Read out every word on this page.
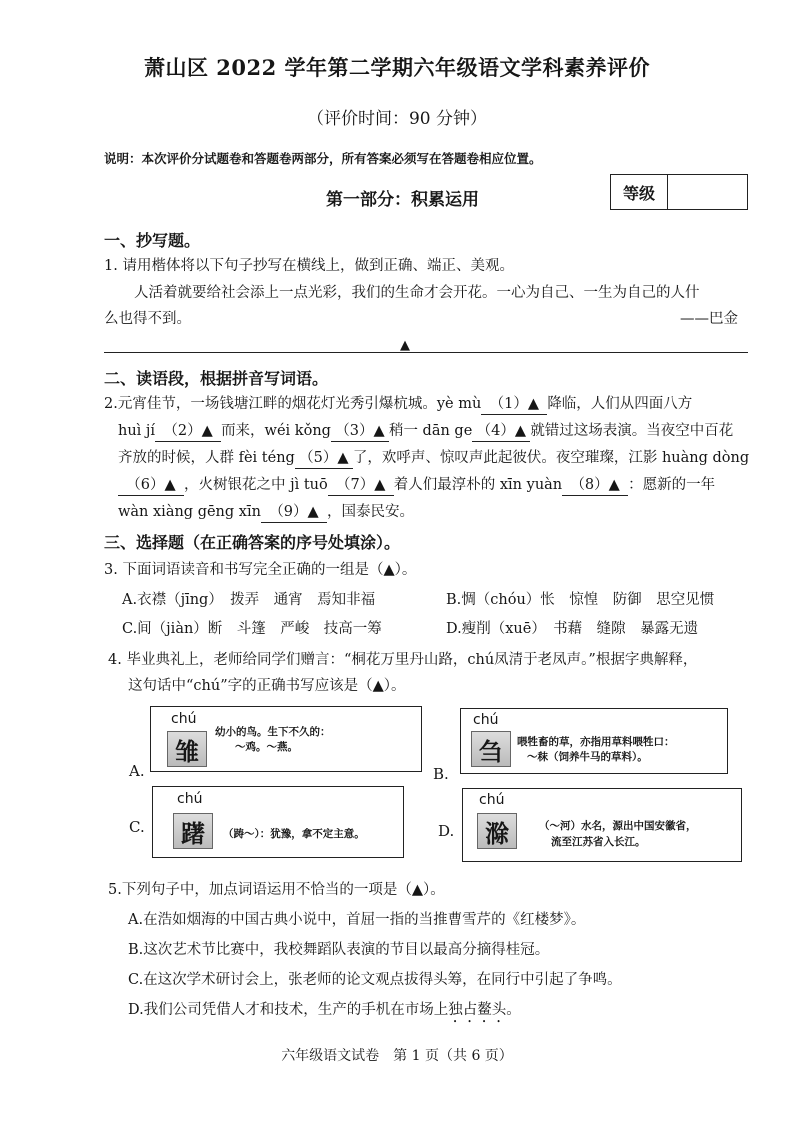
萧山区 2022 学年第二学期六年级语文学科素养评价
（评价时间：90 分钟）
说明：本次评价分试题卷和答题卷两部分，所有答案必须写在答题卷相应位置。
第一部分：积累运用	等级
一、抄写题。
1. 请用楷体将以下句子抄写在横线上，做到正确、端正、美观。
人活着就要给社会添上一点光彩，我们的生命才会开花。一心为自己、一生为自己的人什
么也得不到。	——巴金
▲
二、读语段，根据拼音写词语。
2.元宵佳节，一场钱塘江畔的烟花灯光秀引爆杭城。yè mù （1）▲ 降临，人们从四面八方
huì jí （2）▲ 而来，wéi kǒng （3）▲ 稍一 dān ge （4）▲ 就错过这场表演。当夜空中百花
齐放的时候，人群 fèi téng （5）▲ 了，欢呼声、惊叹声此起彼伏。夜空璀璨，江影 huàng dòng
（6）▲ ，火树银花之中 jì tuō （7）▲ 着人们最淳朴的 xīn yuàn （8）▲ ：愿新的一年
wàn xiàng gēng xīn （9）▲ ，国泰民安。
三、选择题（在正确答案的序号处填涂）。
3. 下面词语读音和书写完全正确的一组是（▲）。
A.衣襟（jīng）　拨弄　通宵　焉知非福	B.惆（chóu）怅　惊惶　防御　思空见惯
C.间（jiàn）断　斗篷　严峻　技高一筹	D.瘦削（xuē）　书藉　缝隙　暴露无遗
4. 毕业典礼上，老师给同学们赠言：“桐花万里丹山路，chú凤清于老凤声。”根据字典解释，
这句话中“chú”字的正确书写应该是（▲）。
A.
chú
雏
幼小的鸟。生下不久的：
～鸡。～燕。
B.
chú
刍	喂牲畜的草，亦指用草料喂牲口：
～秣（饲养牛马的草料）。
C.
chú
躇	（踌～）：犹豫，拿不定主意。	D.
chú
滁	（～河）水名，源出中国安徽省，
流至江苏省入长江。
5.下列句子中，加点词语运用不恰当的一项是（▲）。
A.在浩如烟海的中国古典小说中，首屈一指的当推曹雪芹的《红楼梦》。
B.这次艺术节比赛中，我校舞蹈队表演的节目以最高分摘得桂冠。
C.在这次学术研讨会上，张老师的论文观点拔得头筹，在同行中引起了争鸣。
D.我们公司凭借人才和技术，生产的手机在市场上独占鳌头。
六年级语文试卷　第 1 页（共 6 页）
